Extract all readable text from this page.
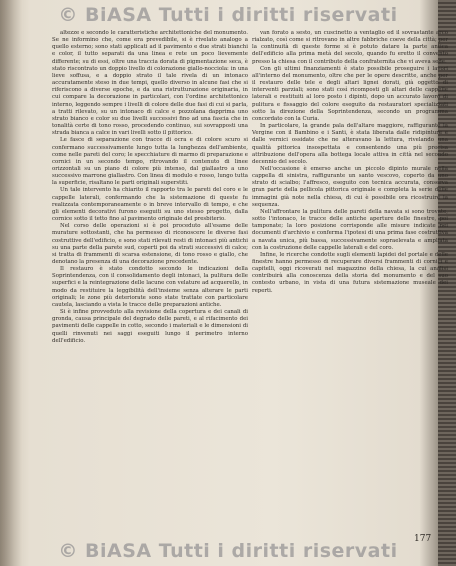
© BiASA Tutti i diritti riservati

altezze e secondo le caratteristiche architettoniche del monumento. Se ne informino che, come era prevedibile, si è rivelato analogo a quello esterno; sono stati applicati ad il pavimento e due strati bianchi e color, il tutto separati da una linea e rete un poco lievemente differente; su di essi, oltre una traccia dorata di pigmentazione seca, è stato riscontrato un doppio livello di colorazione giallo-nocciola: in una lieve soffusa, e a doppio strato il tale rivela di un intonaco accuratamente steso in due tempi, quello diverso in alcune fasi che si riferiscono a diverse epoche, e da una ristrutturazione originaria, in cui compare la decorazione in particolari, con l'ordine architettonico interno, leggendo sempre i livelli di colore delle due fasi di cui si parla, a tratti rilevato, su un intonaco di calce e pozzolana dapprima uno strato bianco e color su due livelli successivi fino ad una fascia che in tonalità certe di tono rosso, procedendo continuo, sui sovrapposti una strada bianca a calce in vari livelli sotto il pittorico.

Le fasce di separazione con tracce di ocra e di colore scuro si confermano successivamente lungo tutta la lunghezza dell'ambiente, come nelle pareti del coro; le specchiature di marmo di preparazione e cornici in un secondo tempo, ritrovando il contenuto di linee orizzontali su un piano di colore più intenso, dal giallastro a uno successivo marrone giallastro. Con linea di modulo e rosso, lungo tutta la superficie, risaltano le parti originali superstiti.

Un tale intervento ha chiarito il rapporto tra le pareti del coro e le cappelle laterali, confermando che la sistemazione di queste fu realizzata contemporaneamente o in breve intervallo di tempo, e che gli elementi decorativi furono eseguiti su uno stesso progetto, dalla cornice sotto il tetto fino al pavimento originale del presbiterio.

Nel corso delle operazioni si è poi proceduto all'esame delle murature sottostanti, che ha permesso di riconoscere le diverse fasi costruttive dell'edificio, e sono stati rilevati resti di intonaci più antichi su una parte della parete sud, coperti poi da strati successivi di calce; si tratta di frammenti di scarsa estensione, di tono rosso e giallo, che denotano la presenza di una decorazione precedente.

Il restauro è stato condotto secondo le indicazioni della Soprintendenza, con il consolidamento degli intonaci, la pulitura delle superfici e la reintegrazione delle lacune con velature ad acquerello, in modo da restituire la leggibilità dell'insieme senza alterare le parti originali; le zone più deteriorate sono state trattate con particolare cautela, lasciando a vista le tracce delle preparazioni antiche.

Si è infine provveduto alla revisione della copertura e dei canali di gronda, causa principale del degrado delle pareti, e al rifacimento dei pavimenti delle cappelle in cotto, secondo i materiali e le dimensioni di quelli rinvenuti nei saggi eseguiti lungo il perimetro interno dell'edificio.

van forato a sesto, un cuscinetto a ventaglio ed il sovrastante arco rialzato, così come si ritrovano in altre fabbriche coeve della città; per la continuità di queste forme si è potuto datare la parte antica dell'edificio alla prima metà del secolo, quando fu eretto il convento presso la chiesa con il contributo della confraternita che vi aveva sede.

Con gli ultimi finanziamenti è stato possibile proseguire i lavori all'interno del monumento, oltre che per le opere descritte, anche per il restauro delle tele e degli altari lignei dorati, già oggetto di interventi parziali; sono stati così ricomposti gli altari delle cappelle laterali e restituiti al loro posto i dipinti, dopo un accurato lavoro di pulitura e fissaggio del colore eseguito da restauratori specializzati sotto la direzione della Soprintendenza, secondo un programma concordato con la Curia.

In particolare, la grande pala dell'altare maggiore, raffigurante la Vergine con il Bambino e i Santi, è stata liberata dalle ridipinture e dalle vernici ossidate che ne alteravano la lettura, rivelando una qualità pittorica insospettata e consentendo una più precisa attribuzione dell'opera alla bottega locale attiva in città nel secondo decennio del secolo.

Nell'occasione è emerso anche un piccolo dipinto murale nella cappella di sinistra, raffigurante un santo vescovo, coperto da uno strato di scialbo; l'affresco, eseguito con tecnica accurata, conserva gran parte della pellicola pittorica originale e completa la serie delle immagini già note nella chiesa, di cui è possibile ora ricostruire la sequenza.

Nell'affrontare la pulitura delle pareti della navata si sono trovate, sotto l'intonaco, le tracce delle antiche aperture delle finestre, poi tamponate; la loro posizione corrisponde alle misure indicate nei documenti d'archivio e conferma l'ipotesi di una prima fase costruttiva a navata unica, più bassa, successivamente sopraelevata e ampliata con la costruzione delle cappelle laterali e del coro.

Infine, le ricerche condotte sugli elementi lapidei del portale e delle finestre hanno permesso di recuperare diversi frammenti di cornici e capitelli, oggi ricoverati nel magazzino della chiesa, la cui analisi contribuirà alla conoscenza della storia del monumento e del suo contesto urbano, in vista di una futura sistemazione museale dei reperti.

177
© BiASA Tutti i diritti riservati
